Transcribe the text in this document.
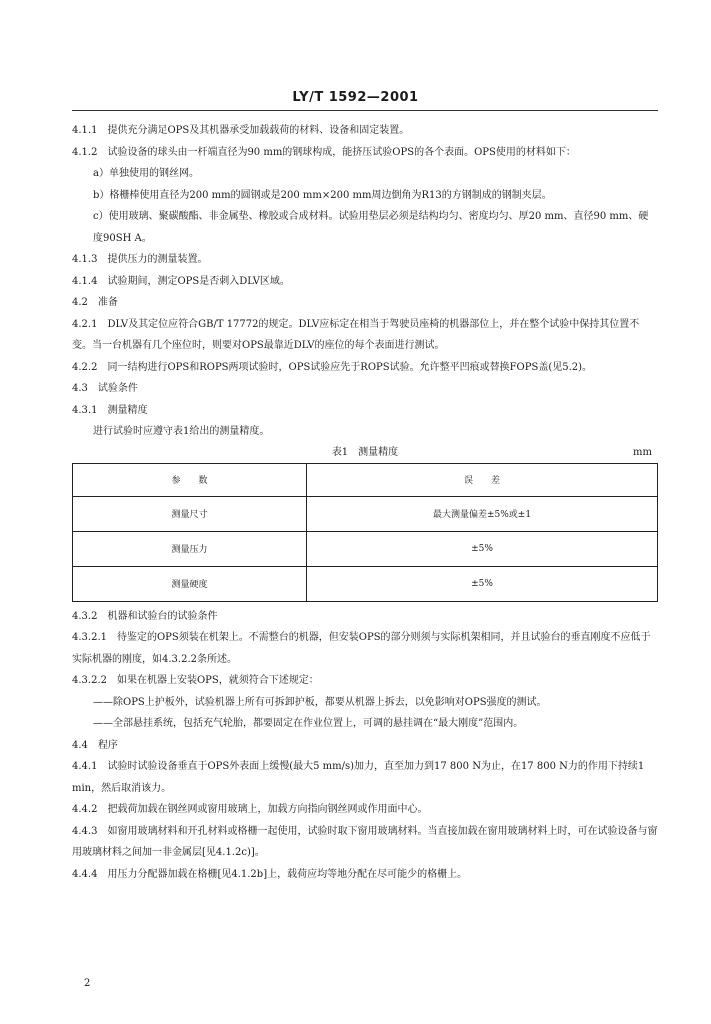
LY/T 1592—2001

4.1.1　提供充分满足OPS及其机器承受加载载荷的材料、设备和固定装置。

4.1.2　试验设备的球头由一杆端直径为90 mm的钢球构成，能挤压试验OPS的各个表面。OPS使用的材料如下：

a）单独使用的钢丝网。

b）格栅棒使用直径为200 mm的圆钢或是200 mm×200 mm周边倒角为R13的方钢制成的钢制夹层。

c）使用玻璃、聚碳酸酯、非金属垫、橡胶或合成材料。试验用垫层必须是结构均匀、密度均匀、厚20 mm、直径90 mm、硬度90SH A。

4.1.3　提供压力的测量装置。

4.1.4　试验期间，测定OPS是否刺入DLV区域。

4.2　准备

4.2.1　DLV及其定位应符合GB/T 17772的规定。DLV应标定在相当于驾驶员座椅的机器部位上，并在整个试验中保持其位置不变。当一台机器有几个座位时，则要对OPS最靠近DLV的座位的每个表面进行测试。

4.2.2　同一结构进行OPS和ROPS两项试验时，OPS试验应先于ROPS试验。允许整平凹痕或替换FOPS盖(见5.2)。

4.3　试验条件

4.3.1　测量精度

进行试验时应遵守表1给出的测量精度。

表1　测量精度	mm
参　　数	误　　差
测量尺寸	最大测量偏差±5%或±1
测量压力	±5%
测量硬度	±5%

4.3.2　机器和试验台的试验条件

4.3.2.1　待鉴定的OPS须装在机架上。不需整台的机器，但安装OPS的部分则须与实际机架相同，并且试验台的垂直刚度不应低于实际机器的刚度，如4.3.2.2条所述。

4.3.2.2　如果在机器上安装OPS，就须符合下述规定：

——除OPS上护板外，试验机器上所有可拆卸护板，都要从机器上拆去，以免影响对OPS强度的测试。

——全部悬挂系统，包括充气轮胎，都要固定在作业位置上，可调的悬挂调在“最大刚度”范围内。

4.4　程序

4.4.1　试验时试验设备垂直于OPS外表面上缓慢(最大5 mm/s)加力，直至加力到17 800 N为止，在17 800 N力的作用下持续1 min，然后取消该力。

4.4.2　把载荷加载在钢丝网或窗用玻璃上，加载方向指向钢丝网或作用面中心。

4.4.3　如窗用玻璃材料和开孔材料或格栅一起使用，试验时取下窗用玻璃材料。当直接加载在窗用玻璃材料上时，可在试验设备与窗用玻璃材料之间加一非金属层[见4.1.2c)]。

4.4.4　用压力分配器加载在格栅[见4.1.2b]上，载荷应均等地分配在尽可能少的格栅上。

2
